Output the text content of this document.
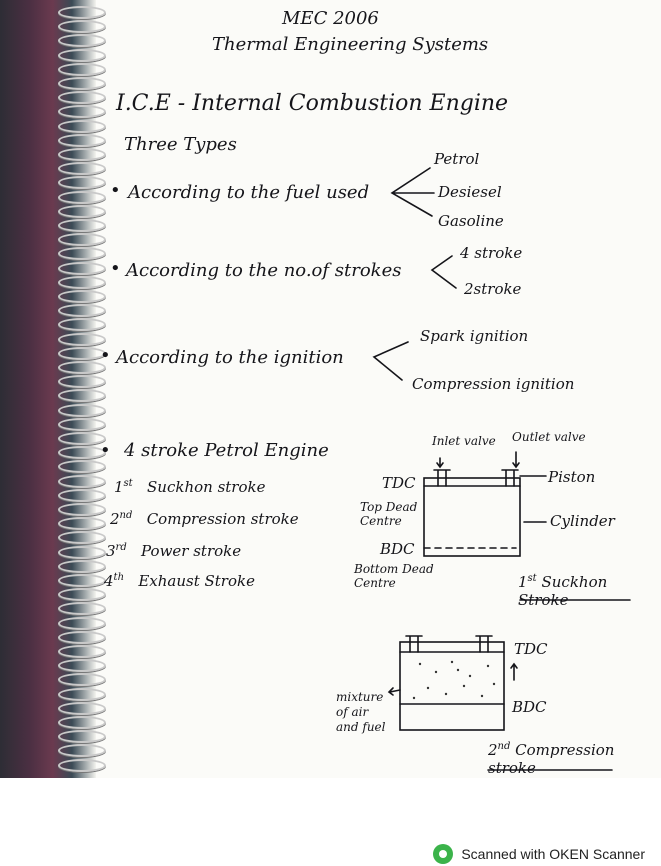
MEC 2006
Thermal Engineering Systems
I.C.E - Internal Combustion Engine
Three Types
• According to the fuel used
Petrol
Desiesel
Gasoline
• According to the no.of strokes
4 stroke
2stroke
• According to the ignition
Spark ignition
Compression ignition
• 4 stroke Petrol Engine
1st Suckhon stroke
2nd Compression stroke
3rd Power stroke
4th Exhaust Stroke
Inlet valve Outlet valve
TDC
Top Dead Centre
BDC
Bottom Dead Centre
Piston
Cylinder
1st Suckhon Stroke
TDC
BDC
mixture of air and fuel
2nd Compression stroke
Scanned with OKEN Scanner
